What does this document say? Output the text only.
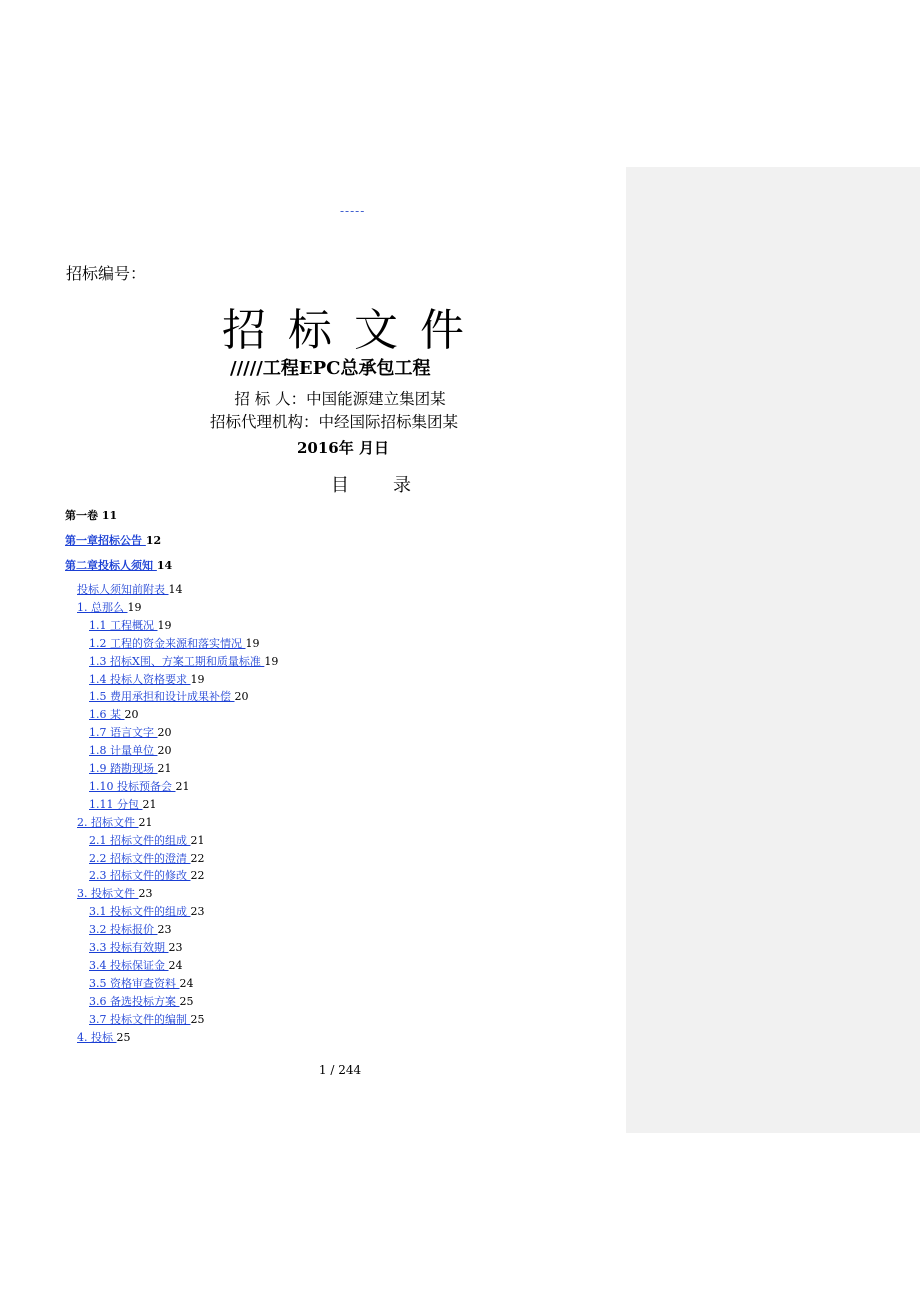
-----
招标编号：
招标文件
/////工程EPC总承包工程
招 标 人：中国能源建立集团某
招标代理机构：中经国际招标集团某
2016年 月日
目 录
第一卷 11
第一章招标公告 12
第二章投标人须知 14
投标人须知前附表 14
1. 总那么 19
1.1 工程概况 19
1.2 工程的资金来源和落实情况 19
1.3 招标X围、方案工期和质量标准 19
1.4 投标人资格要求 19
1.5 费用承担和设计成果补偿 20
1.6 某 20
1.7 语言文字 20
1.8 计量单位 20
1.9 踏勘现场 21
1.10 投标预备会 21
1.11 分包 21
2. 招标文件 21
2.1 招标文件的组成 21
2.2 招标文件的澄清 22
2.3 招标文件的修改 22
3. 投标文件 23
3.1 投标文件的组成 23
3.2 投标报价 23
3.3 投标有效期 23
3.4 投标保证金 24
3.5 资格审查资料 24
3.6 备选投标方案 25
3.7 投标文件的编制 25
4. 投标 25
1 / 244
